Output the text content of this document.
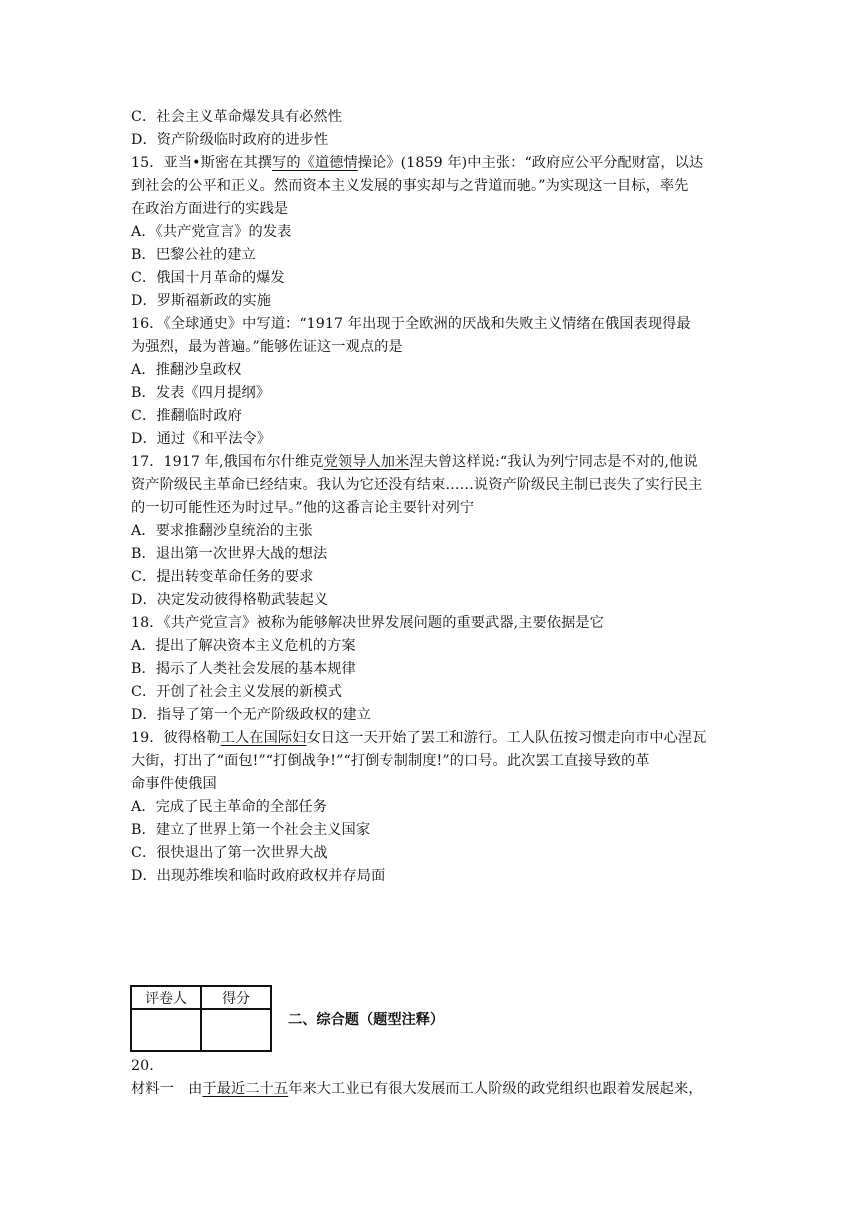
C．社会主义革命爆发具有必然性
D．资产阶级临时政府的进步性
15．亚当•斯密在其撰写的《道德情操论》(1859 年)中主张：“政府应公平分配财富，以达
到社会的公平和正义。然而资本主义发展的事实却与之背道而驰。”为实现这一目标，率先
在政治方面进行的实践是
A．《共产党宣言》的发表
B．巴黎公社的建立
C．俄国十月革命的爆发
D．罗斯福新政的实施
16．《全球通史》中写道：“1917 年出现于全欧洲的厌战和失败主义情绪在俄国表现得最
为强烈，最为普遍。”能够佐证这一观点的是
A．推翻沙皇政权
B．发表《四月提纲》
C．推翻临时政府
D．通过《和平法令》
17．1917 年,俄国布尔什维克党领导人加米涅夫曾这样说:“我认为列宁同志是不对的,他说
资产阶级民主革命已经结束。我认为它还没有结束……说资产阶级民主制已丧失了实行民主
的一切可能性还为时过早。”他的这番言论主要针对列宁
A．要求推翻沙皇统治的主张
B．退出第一次世界大战的想法
C．提出转变革命任务的要求
D．决定发动彼得格勒武装起义
18．《共产党宣言》被称为能够解决世界发展问题的重要武器,主要依据是它
A．提出了解决资本主义危机的方案
B．揭示了人类社会发展的基本规律
C．开创了社会主义发展的新模式
D．指导了第一个无产阶级政权的建立
19．彼得格勒工人在国际妇女日这一天开始了罢工和游行。工人队伍按习惯走向市中心涅瓦
大街，打出了“面包!”“打倒战争!”“打倒专制制度!”的口号。此次罢工直接导致的革
命事件使俄国
A．完成了民主革命的全部任务
B．建立了世界上第一个社会主义国家
C．很快退出了第一次世界大战
D．出现苏维埃和临时政府政权并存局面
评卷人	得分

二、综合题（题型注释）
20.
材料一　由于最近二十五年来大工业已有很大发展而工人阶级的政党组织也跟着发展起来，
